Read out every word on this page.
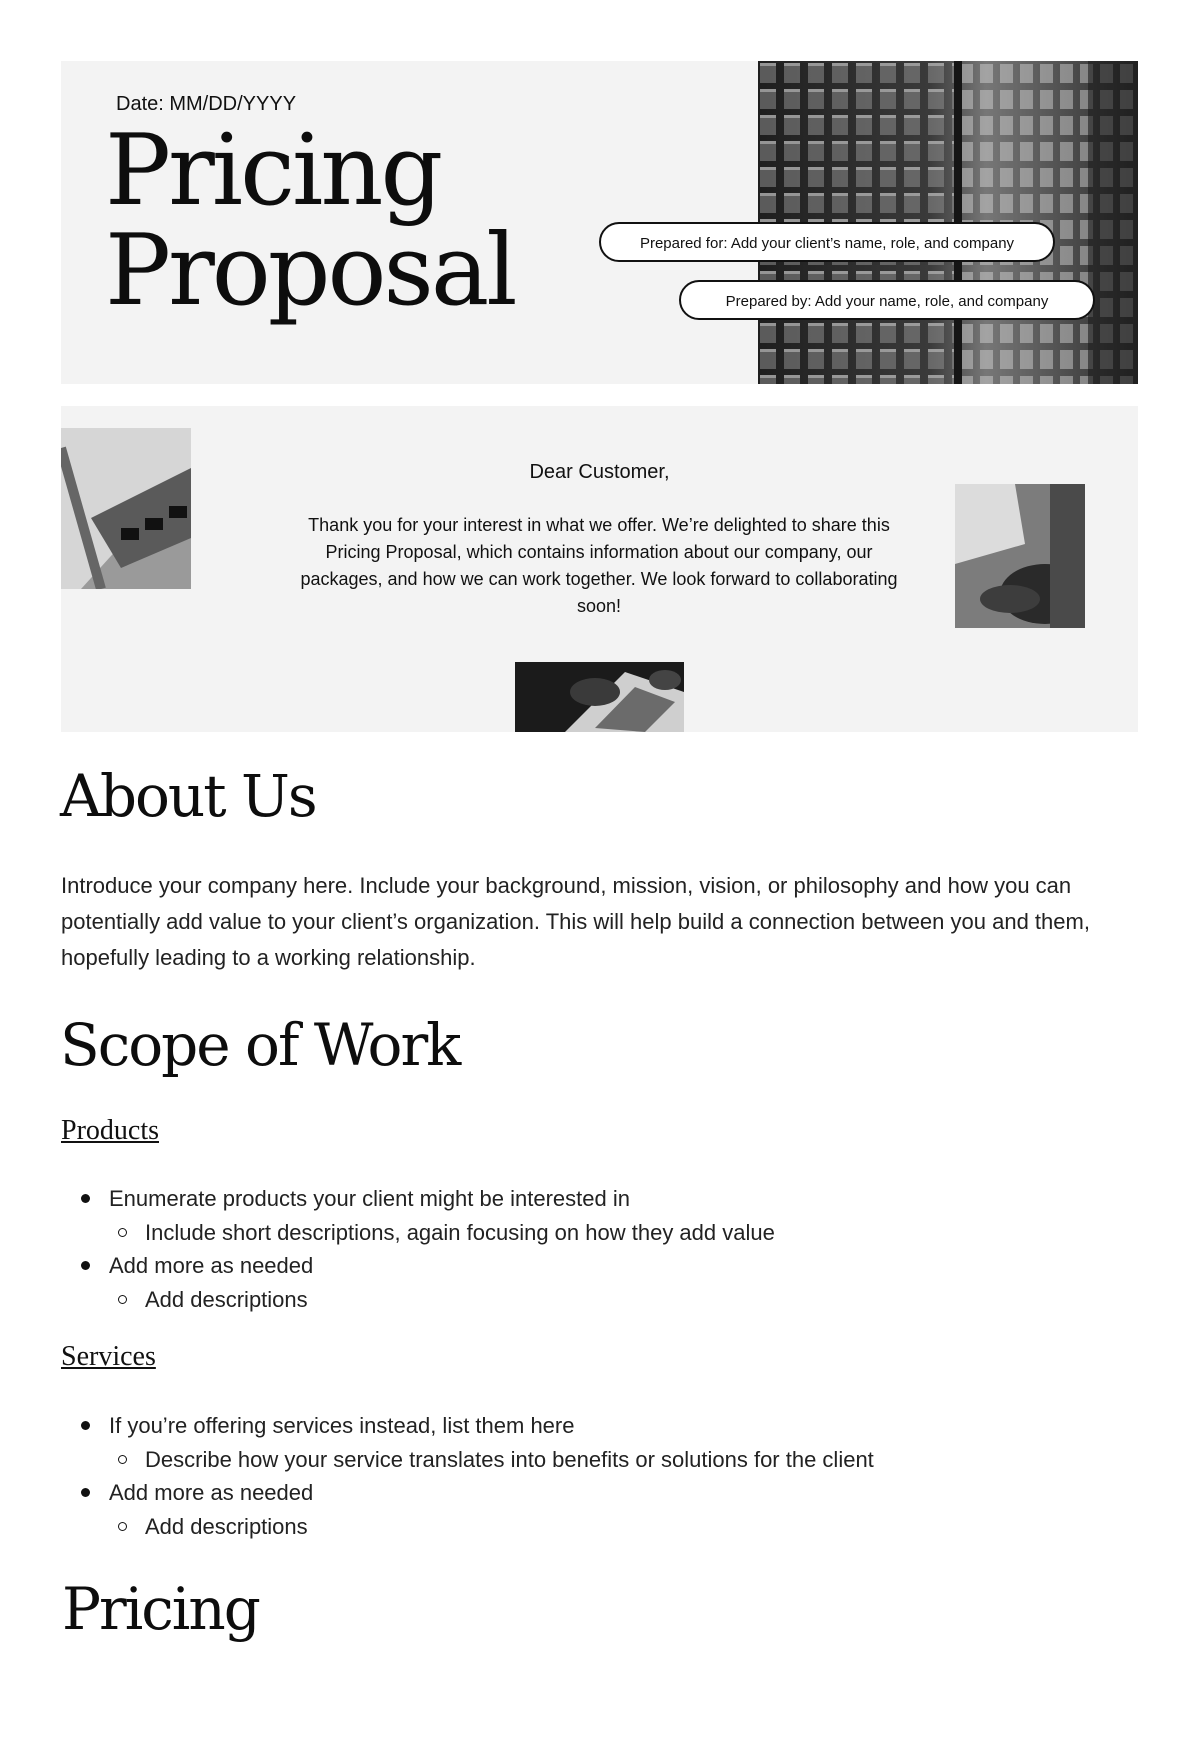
Date: MM/DD/YYYY
Pricing
Proposal	Prepared for: Add your client’s name, role, and company
Prepared by: Add your name, role, and company
Dear Customer,
Thank you for your interest in what we offer. We’re delighted to share this Pricing Proposal, which contains information about our company, our packages, and how we can work together. We look forward to collaborating soon!
About Us

Introduce your company here. Include your background, mission, vision, or philosophy and how you can potentially add value to your client’s organization. This will help build a connection between you and them, hopefully leading to a working relationship.

Scope of Work
Products
Enumerate products your client might be interested in
Include short descriptions, again focusing on how they add value
Add more as needed
Add descriptions
Services
If you’re offering services instead, list them here
Describe how your service translates into benefits or solutions for the client
Add more as needed
Add descriptions
Pricing
